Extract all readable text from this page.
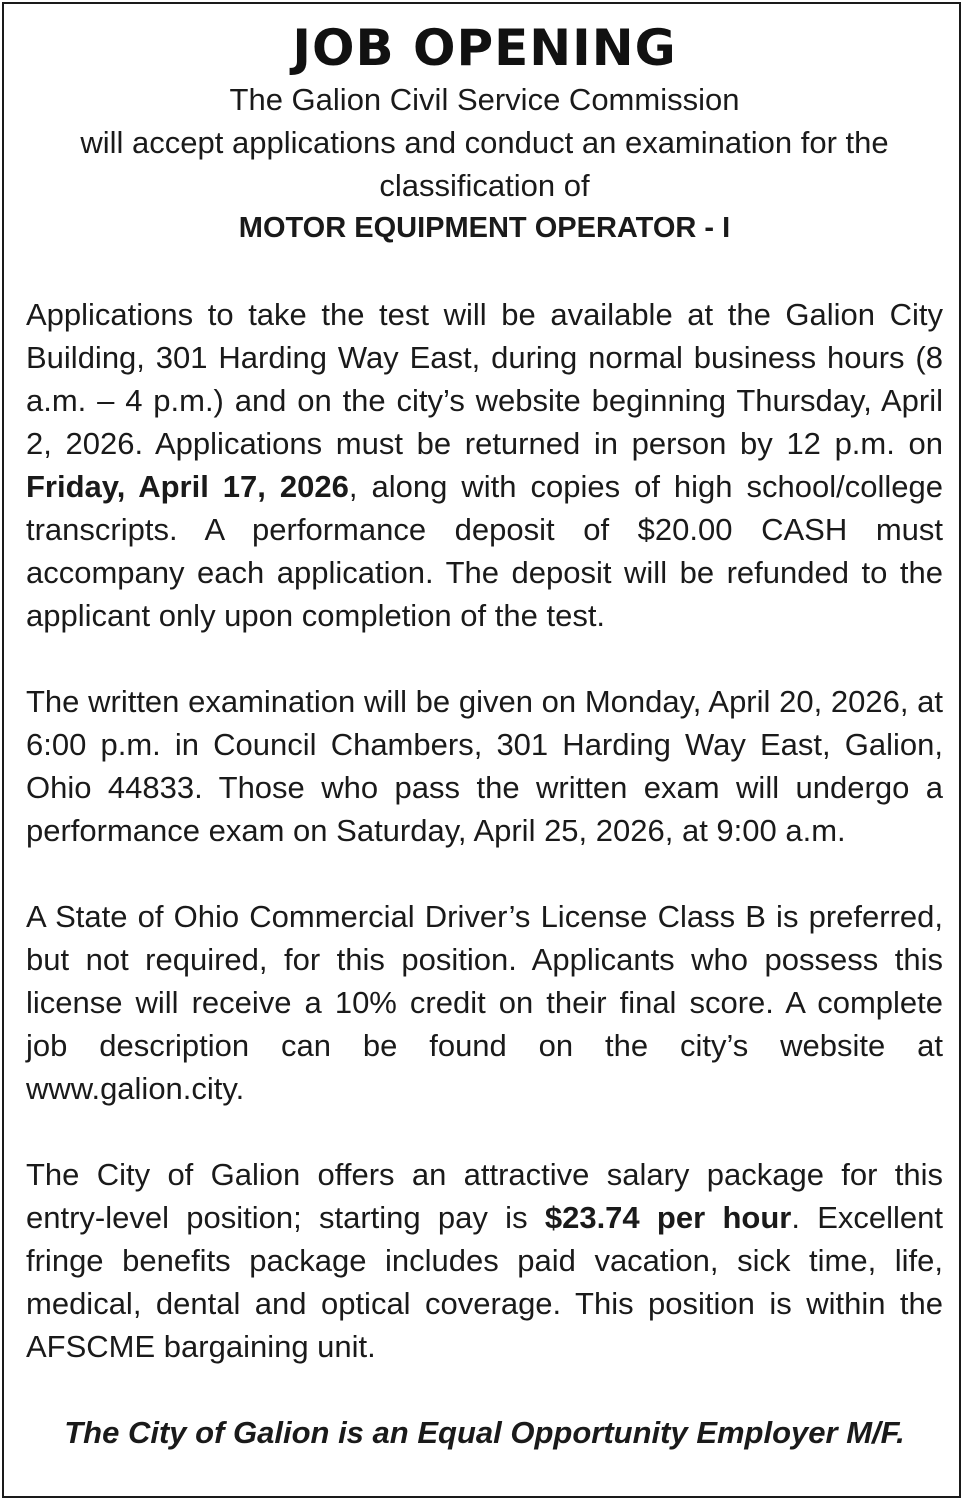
JOB OPENING

The Galion Civil Service Commission

will accept applications and conduct an examination for the

classification of

MOTOR EQUIPMENT OPERATOR - I

Applications to take the test will be available at the Galion City Building, 301 Harding Way East, during normal business hours (8 a.m. – 4 p.m.) and on the city’s website beginning Thursday, April 2, 2026. Applications must be returned in person by 12 p.m. on Friday, April 17, 2026, along with copies of high school/college transcripts. A performance deposit of $20.00 CASH must accompany each application. The deposit will be refunded to the applicant only upon completion of the test.

The written examination will be given on Monday, April 20, 2026, at 6:00 p.m. in Council Chambers, 301 Harding Way East, Galion, Ohio 44833. Those who pass the written exam will undergo a performance exam on Saturday, April 25, 2026, at 9:00 a.m.

A State of Ohio Commercial Driver’s License Class B is preferred, but not required, for this position. Applicants who possess this license will receive a 10% credit on their final score. A complete job description can be found on the city’s website at www.galion.city.

The City of Galion offers an attractive salary package for this entry-level position; starting pay is $23.74 per hour. Excellent fringe benefits package includes paid vacation, sick time, life, medical, dental and optical coverage. This position is within the AFSCME bargaining unit.

The City of Galion is an Equal Opportunity Employer M/F.
